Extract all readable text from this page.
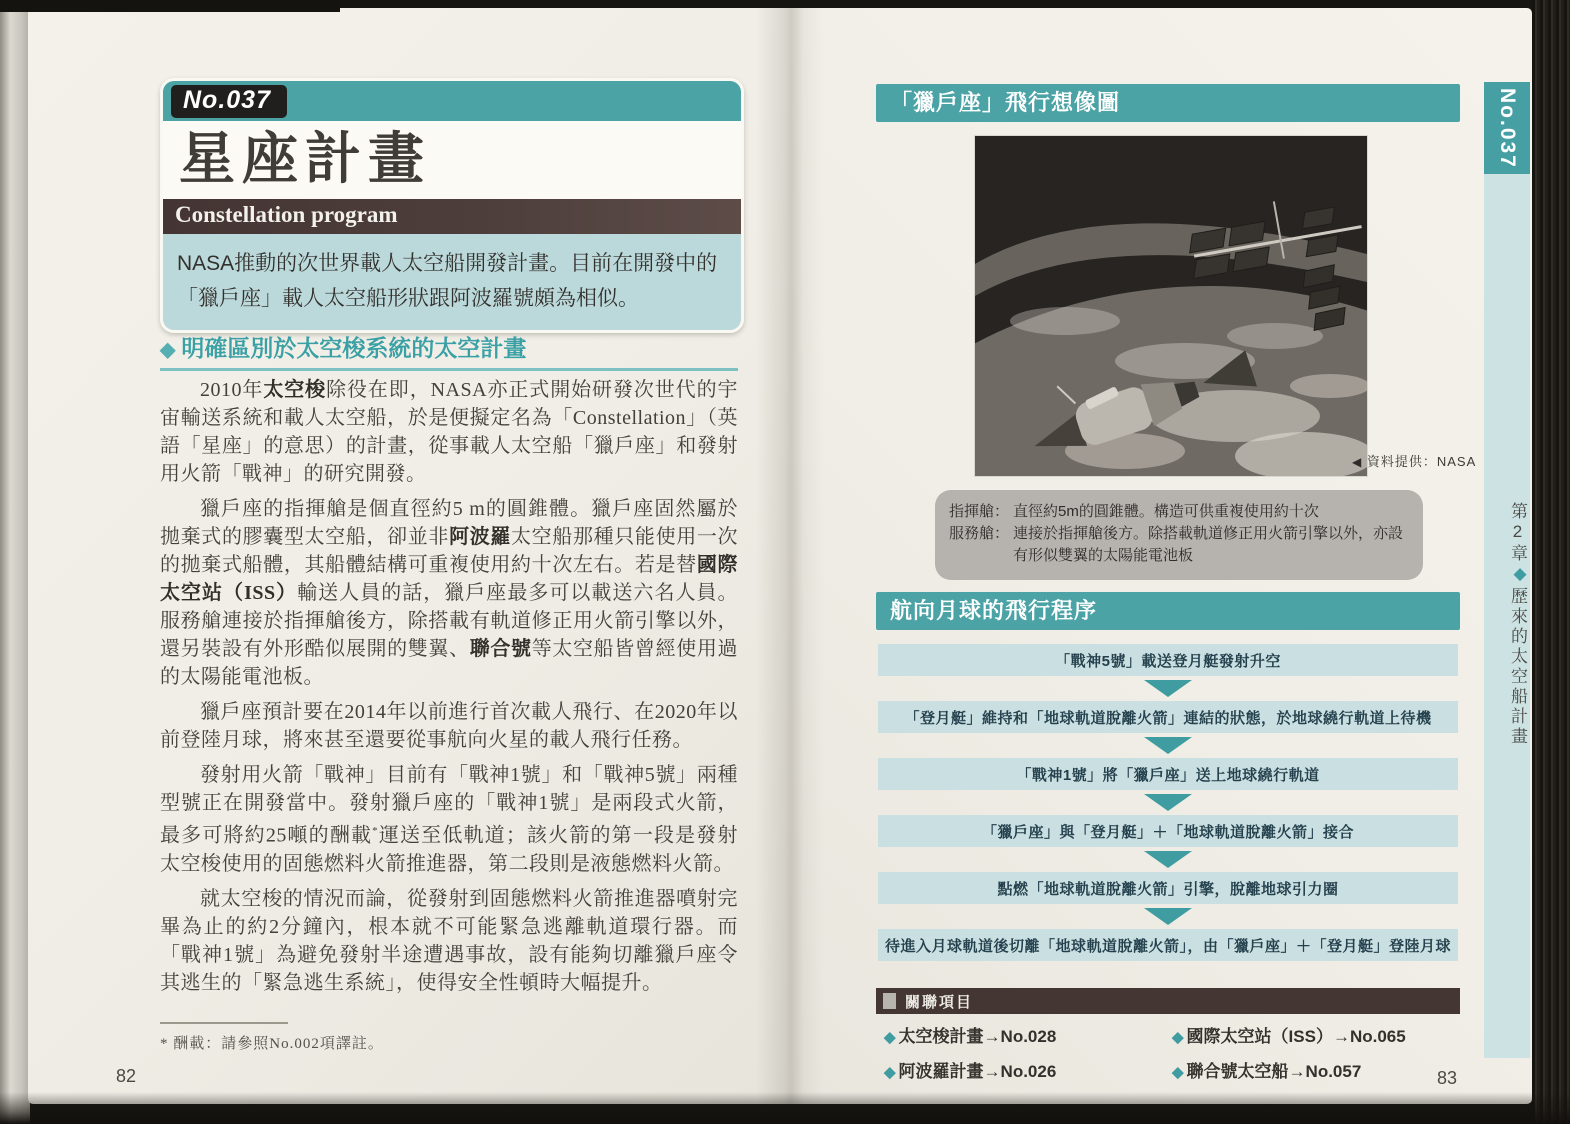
No.037
星座計畫
Constellation program
NASA推動的次世界載人太空船開發計畫。目前在開發中的「獵戶座」載人太空船形狀跟阿波羅號頗為相似。
◆ 明確區別於太空梭系統的太空計畫

2010年太空梭除役在即，NASA亦正式開始研發次世代的宇宙輸送系統和載人太空船，於是便擬定名為「Constellation」（英語「星座」的意思）的計畫，從事載人太空船「獵戶座」和發射用火箭「戰神」的研究開發。

獵戶座的指揮艙是個直徑約5 m的圓錐體。獵戶座固然屬於拋棄式的膠囊型太空船，卻並非阿波羅太空船那種只能使用一次的拋棄式船體，其船體結構可重複使用約十次左右。若是替國際太空站（ISS）輸送人員的話，獵戶座最多可以載送六名人員。服務艙連接於指揮艙後方，除搭載有軌道修正用火箭引擎以外，還另裝設有外形酷似展開的雙翼、聯合號等太空船皆曾經使用過的太陽能電池板。

獵戶座預計要在2014年以前進行首次載人飛行、在2020年以前登陸月球，將來甚至還要從事航向火星的載人飛行任務。

發射用火箭「戰神」目前有「戰神1號」和「戰神5號」兩種型號正在開發當中。發射獵戶座的「戰神1號」是兩段式火箭，最多可將約25噸的酬載*運送至低軌道；該火箭的第一段是發射太空梭使用的固態燃料火箭推進器，第二段則是液態燃料火箭。

就太空梭的情況而論，從發射到固態燃料火箭推進器噴射完畢為止的約2分鐘內，根本就不可能緊急逃離軌道環行器。而「戰神1號」為避免發射半途遭遇事故，設有能夠切離獵戶座令其逃生的「緊急逃生系統」，使得安全性頓時大幅提升。

* 酬載：請參照No.002項譯註。
82
「獵戶座」飛行想像圖
◀ 資料提供：NASA
指揮艙： 直徑約5m的圓錐體。構造可供重複使用約十次
服務艙： 連接於指揮艙後方。除搭載軌道修正用火箭引擎以外，亦設有形似雙翼的太陽能電池板
航向月球的飛行程序
「戰神5號」載送登月艇發射升空
「登月艇」維持和「地球軌道脫離火箭」連結的狀態，於地球繞行軌道上待機
「戰神1號」將「獵戶座」送上地球繞行軌道
「獵戶座」與「登月艇」＋「地球軌道脫離火箭」接合
點燃「地球軌道脫離火箭」引擎，脫離地球引力圈
待進入月球軌道後切離「地球軌道脫離火箭」，由「獵戶座」＋「登月艇」登陸月球
關聯項目
◆ 太空梭計畫 → No.028	◆ 國際太空站（ISS） → No.065
◆ 阿波羅計畫 → No.026	◆ 聯合號太空船 → No.057	83
No.037
第2章
◆
歷來的太空船計畫
